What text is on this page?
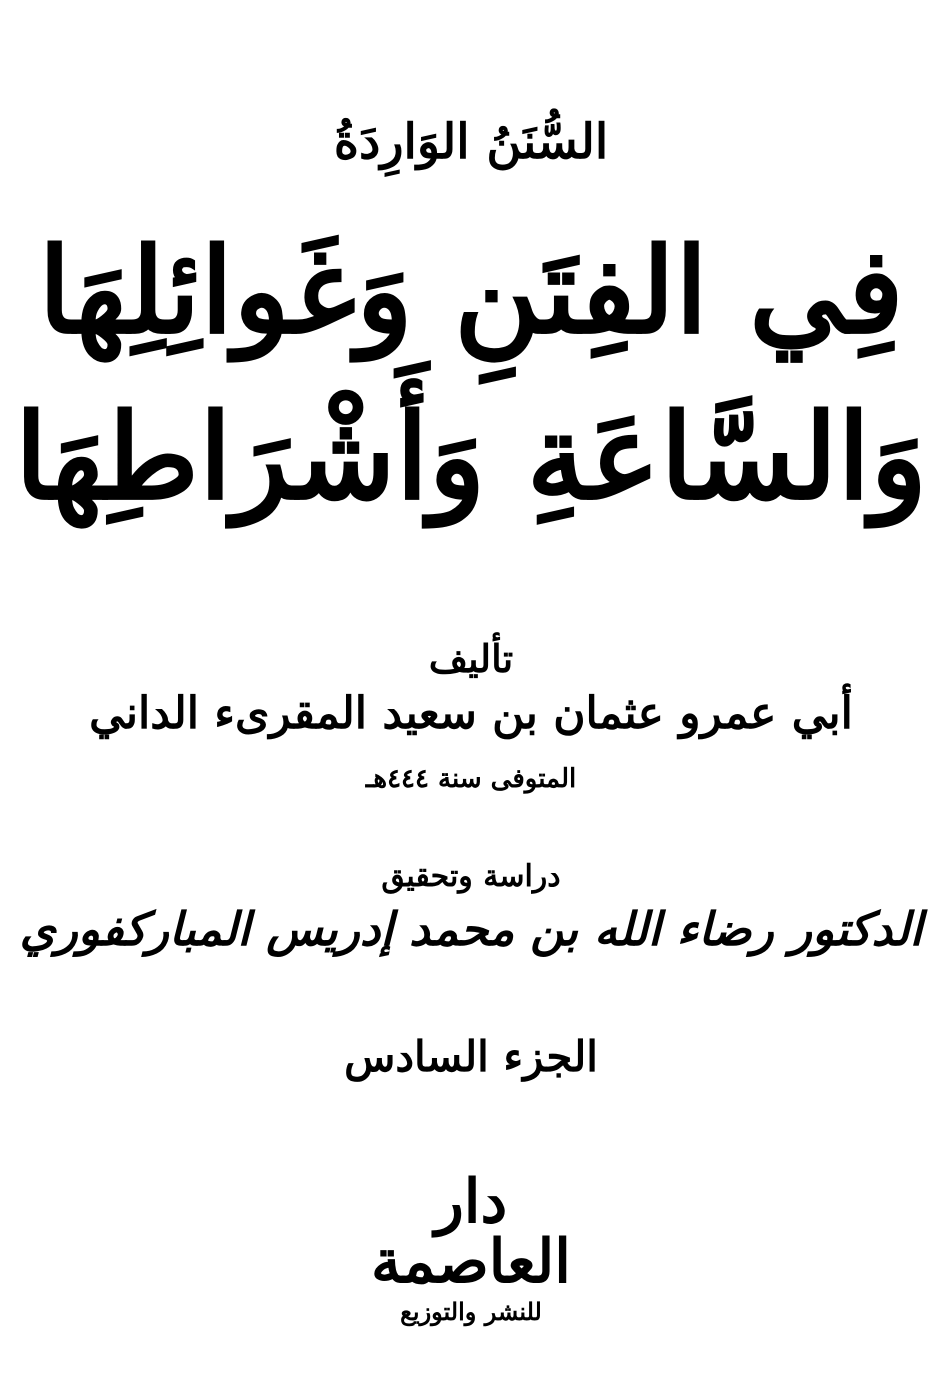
السُّنَنُ الوَارِدَةُ
فِي الفِتَنِ وَغَوائِلِهَا
وَالسَّاعَةِ وَأَشْرَاطِهَا
تأليف
أبي عمرو عثمان بن سعيد المقرىء الداني
المتوفى سنة ٤٤٤هـ
دراسة وتحقيق
الدكتور رضاء الله بن محمد إدريس المباركفوري
الجزء السادس
دار العاصمة
للنشر والتوزيع
